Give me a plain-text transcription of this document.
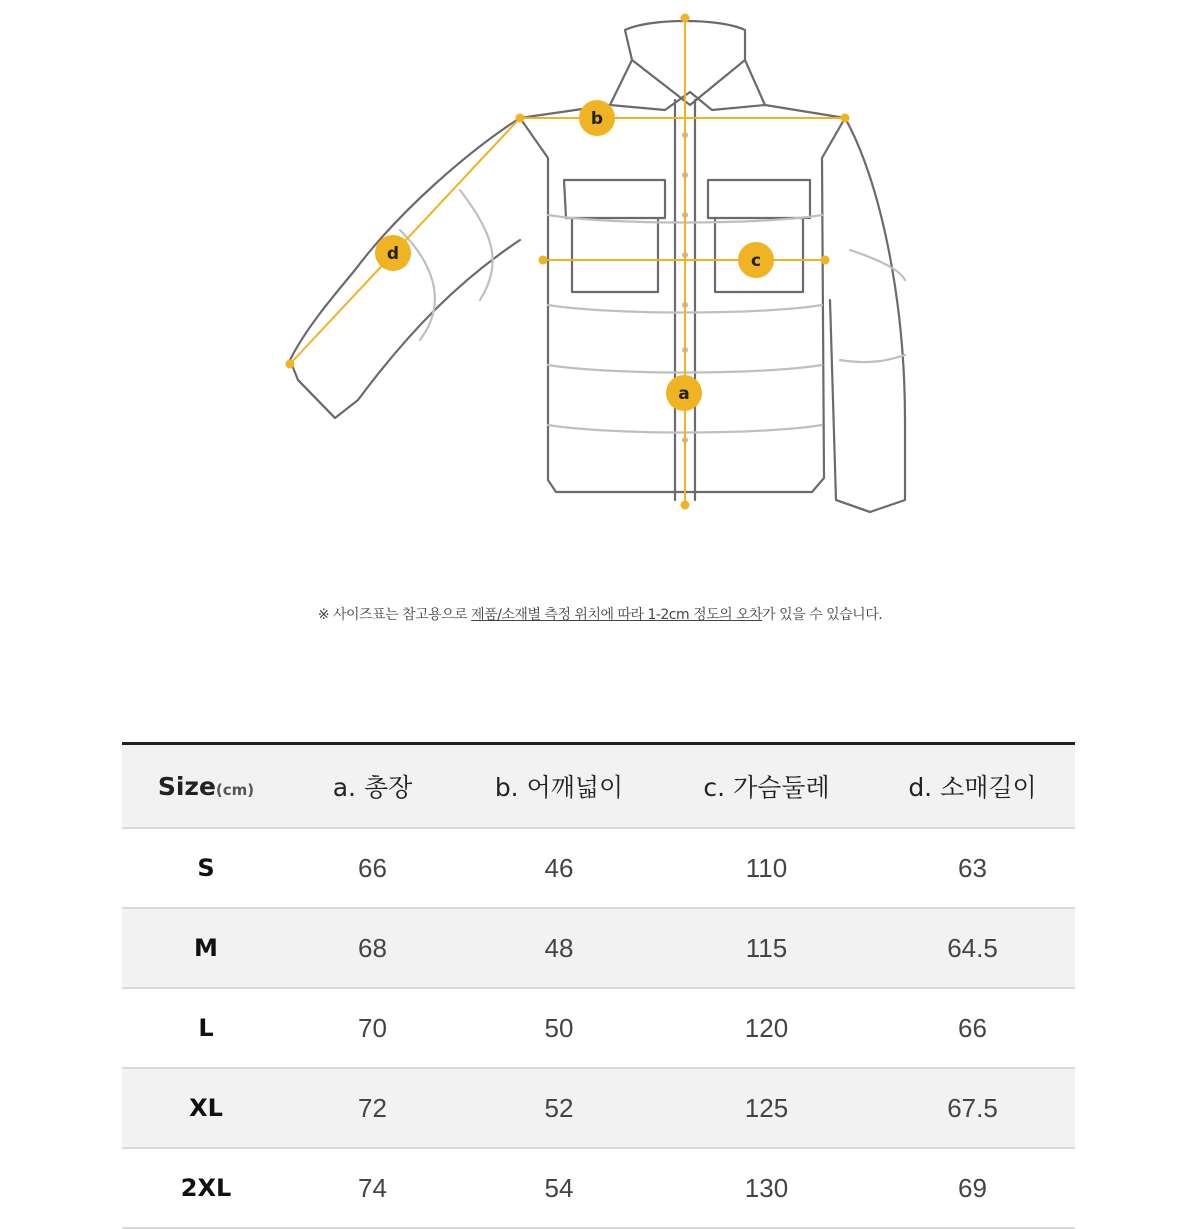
a
b
c
d
※ 사이즈표는 참고용으로 제품/소재별 측정 위치에 따라 1-2cm 정도의 오차가 있을 수 있습니다.
Size(cm)	a. 총장	b. 어깨넓이	c. 가슴둘레	d. 소매길이
S	66	46	110	63
M	68	48	115	64.5
L	70	50	120	66
XL	72	52	125	67.5
2XL	74	54	130	69
